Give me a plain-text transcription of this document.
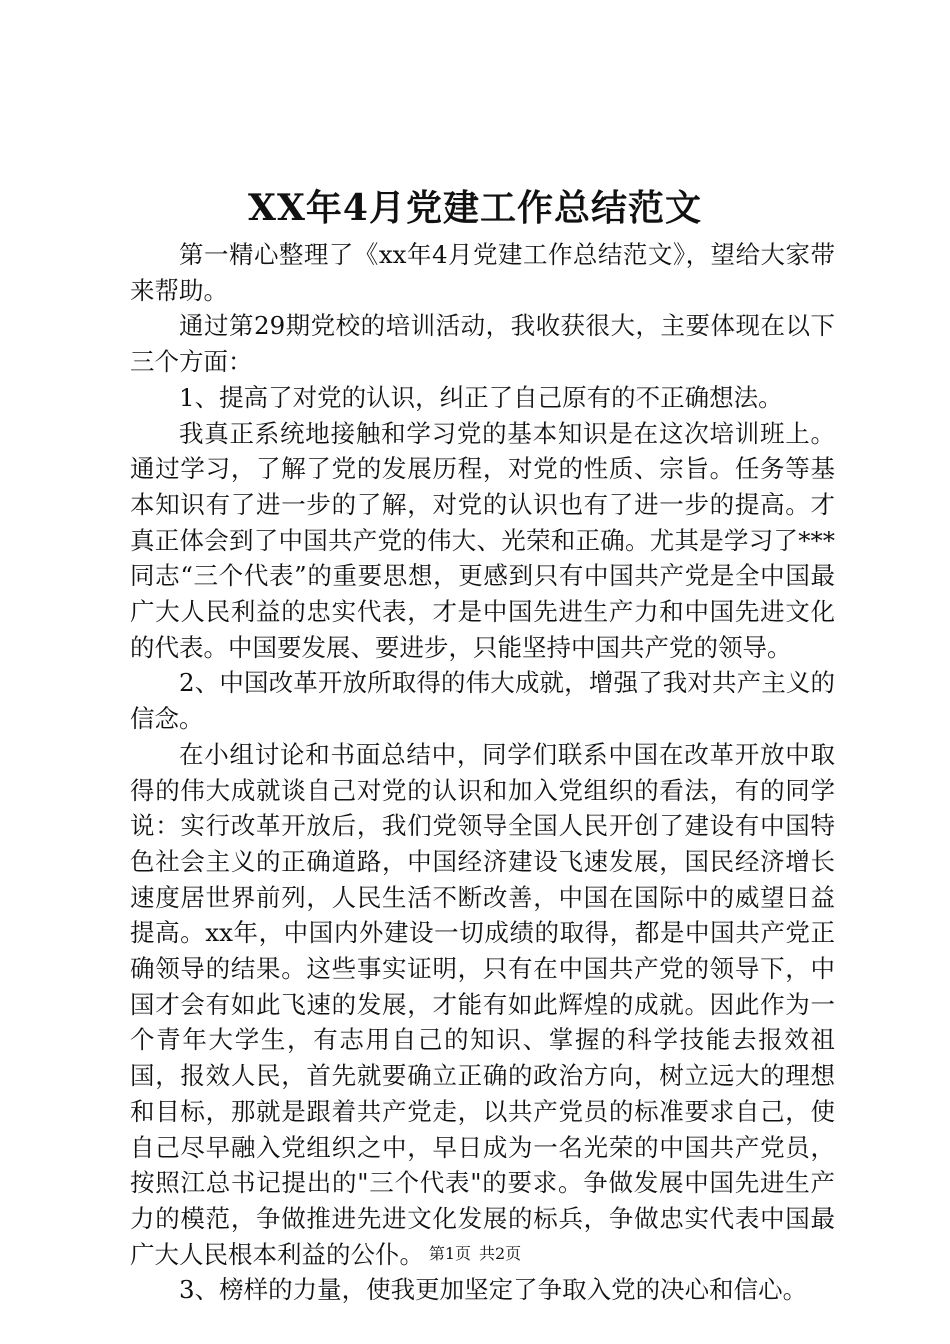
XX年4月党建工作总结范文

第一精心整理了《xx年4月党建工作总结范文》，望给大家带来帮助。

通过第29期党校的培训活动，我收获很大，主要体现在以下三个方面：

1、提高了对党的认识，纠正了自己原有的不正确想法。

我真正系统地接触和学习党的基本知识是在这次培训班上。通过学习，了解了党的发展历程，对党的性质、宗旨。任务等基本知识有了进一步的了解，对党的认识也有了进一步的提高。才真正体会到了中国共产党的伟大、光荣和正确。尤其是学习了***同志“三个代表”的重要思想，更感到只有中国共产党是全中国最广大人民利益的忠实代表，才是中国先进生产力和中国先进文化的代表。中国要发展、要进步，只能坚持中国共产党的领导。

2、中国改革开放所取得的伟大成就，增强了我对共产主义的信念。

在小组讨论和书面总结中，同学们联系中国在改革开放中取得的伟大成就谈自己对党的认识和加入党组织的看法，有的同学说：实行改革开放后，我们党领导全国人民开创了建设有中国特色社会主义的正确道路，中国经济建设飞速发展，国民经济增长速度居世界前列，人民生活不断改善，中国在国际中的威望日益提高。xx年，中国内外建设一切成绩的取得，都是中国共产党正确领导的结果。这些事实证明，只有在中国共产党的领导下，中国才会有如此飞速的发展，才能有如此辉煌的成就。因此作为一个青年大学生，有志用自己的知识、掌握的科学技能去报效祖国，报效人民，首先就要确立正确的政治方向，树立远大的理想和目标，那就是跟着共产党走，以共产党员的标准要求自己，使自己尽早融入党组织之中，早日成为一名光荣的中国共产党员，按照江总书记提出的"三个代表"的要求。争做发展中国先进生产力的模范，争做推进先进文化发展的标兵，争做忠实代表中国最广大人民根本利益的公仆。

3、榜样的力量，使我更加坚定了争取入党的决心和信心。

第1页 共2页
